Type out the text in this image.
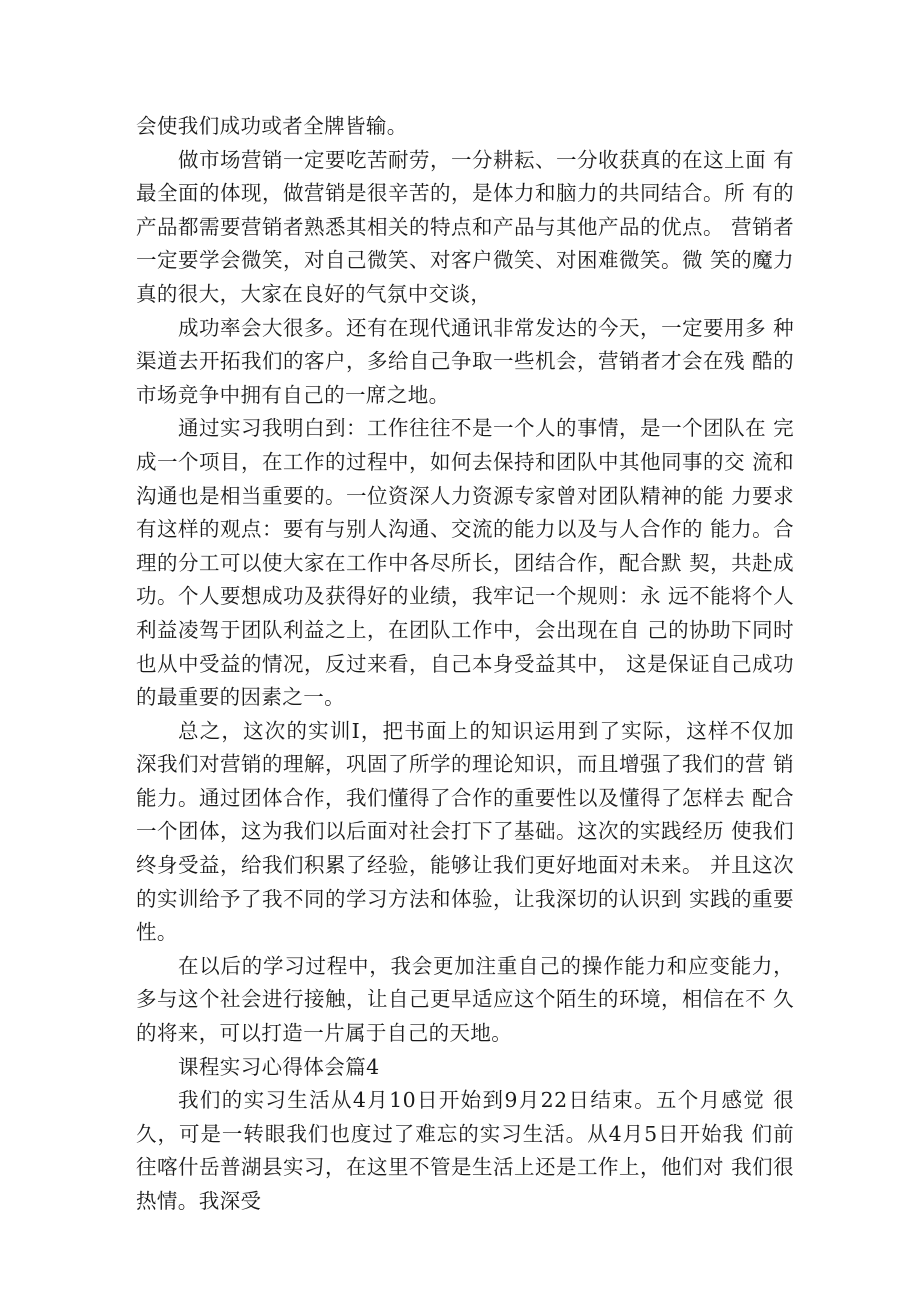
会使我们成功或者全牌皆输。

做市场营销一定要吃苦耐劳，一分耕耘、一分收获真的在这上面 有最全面的体现，做营销是很辛苦的，是体力和脑力的共同结合。所 有的产品都需要营销者熟悉其相关的特点和产品与其他产品的优点。 营销者一定要学会微笑，对自己微笑、对客户微笑、对困难微笑。微 笑的魔力真的很大，大家在良好的气氛中交谈，

成功率会大很多。还有在现代通讯非常发达的今天，一定要用多 种渠道去开拓我们的客户，多给自己争取一些机会，营销者才会在残 酷的市场竞争中拥有自己的一席之地。

通过实习我明白到：工作往往不是一个人的事情，是一个团队在 完成一个项目，在工作的过程中，如何去保持和团队中其他同事的交 流和沟通也是相当重要的。一位资深人力资源专家曾对团队精神的能 力要求有这样的观点：要有与别人沟通、交流的能力以及与人合作的 能力。合理的分工可以使大家在工作中各尽所长，团结合作，配合默 契，共赴成功。个人要想成功及获得好的业绩，我牢记一个规则：永 远不能将个人利益凌驾于团队利益之上，在团队工作中，会出现在自 己的协助下同时也从中受益的情况，反过来看，自己本身受益其中， 这是保证自己成功的最重要的因素之一。

总之，这次的实训I，把书面上的知识运用到了实际，这样不仅加 深我们对营销的理解，巩固了所学的理论知识，而且增强了我们的营 销能力。通过团体合作，我们懂得了合作的重要性以及懂得了怎样去 配合一个团体，这为我们以后面对社会打下了基础。这次的实践经历 使我们终身受益，给我们积累了经验，能够让我们更好地面对未来。 并且这次的实训给予了我不同的学习方法和体验，让我深切的认识到 实践的重要性。

在以后的学习过程中，我会更加注重自己的操作能力和应变能力，多与这个社会进行接触，让自己更早适应这个陌生的环境，相信在不 久的将来，可以打造一片属于自己的天地。

课程实习心得体会篇4

我们的实习生活从4月10日开始到9月22日结束。五个月感觉 很久，可是一转眼我们也度过了难忘的实习生活。从4月5日开始我 们前往喀什岳普湖县实习，在这里不管是生活上还是工作上，他们对 我们很热情。我深受
